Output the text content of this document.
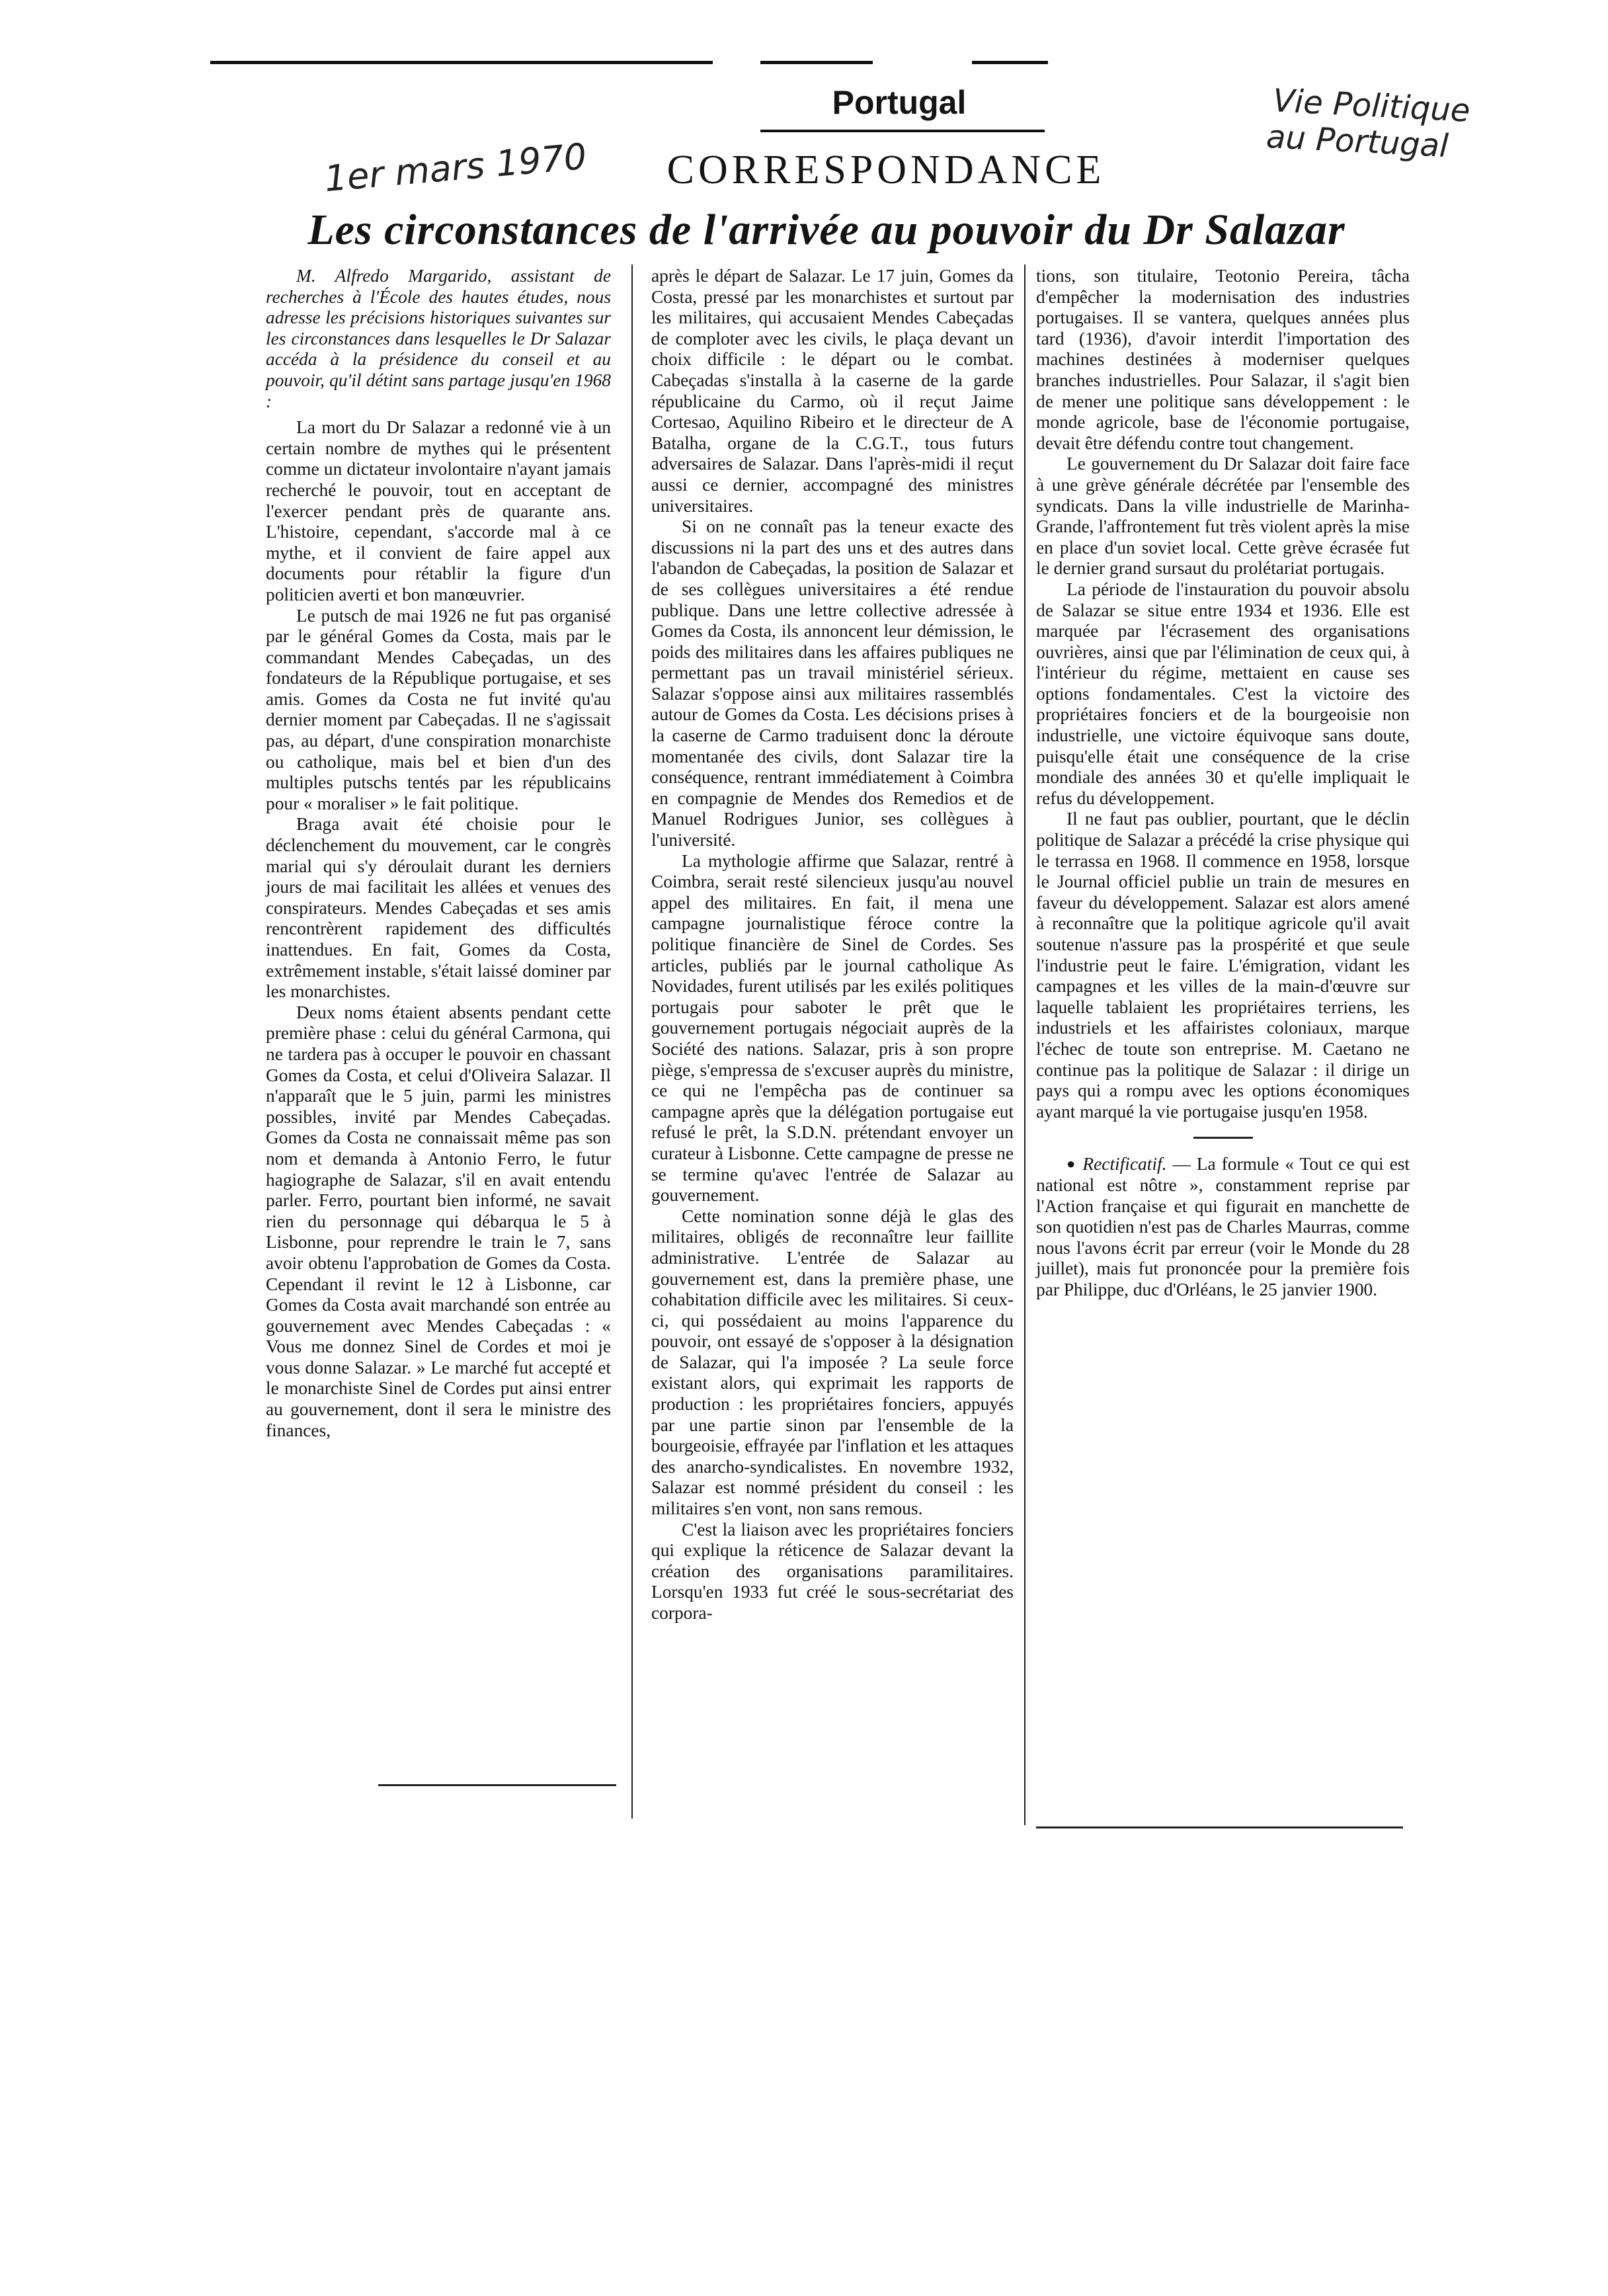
1er mars 1970
Vie Politique
au Portugal
Portugal
CORRESPONDANCE
Les circonstances de l'arrivée au pouvoir du Dr Salazar

M. Alfredo Margarido, assistant de recherches à l'École des hautes études, nous adresse les précisions historiques suivantes sur les circonstances dans lesquelles le Dr Salazar accéda à la présidence du conseil et au pouvoir, qu'il détint sans partage jusqu'en 1968 :

La mort du Dr Salazar a redonné vie à un certain nombre de mythes qui le présentent comme un dictateur involontaire n'ayant jamais recherché le pouvoir, tout en acceptant de l'exercer pendant près de quarante ans. L'histoire, cependant, s'accorde mal à ce mythe, et il convient de faire appel aux documents pour rétablir la figure d'un politicien averti et bon manœuvrier.

Le putsch de mai 1926 ne fut pas organisé par le général Gomes da Costa, mais par le commandant Mendes Cabeçadas, un des fondateurs de la République portugaise, et ses amis. Gomes da Costa ne fut invité qu'au dernier moment par Cabeçadas. Il ne s'agissait pas, au départ, d'une conspiration monarchiste ou catholique, mais bel et bien d'un des multiples putschs tentés par les républicains pour « moraliser » le fait politique.

Braga avait été choisie pour le déclenchement du mouvement, car le congrès marial qui s'y déroulait durant les derniers jours de mai facilitait les allées et venues des conspirateurs. Mendes Cabeçadas et ses amis rencontrèrent rapidement des difficultés inattendues. En fait, Gomes da Costa, extrêmement instable, s'était laissé dominer par les monarchistes.

Deux noms étaient absents pendant cette première phase : celui du général Carmona, qui ne tardera pas à occuper le pouvoir en chassant Gomes da Costa, et celui d'Oliveira Salazar. Il n'apparaît que le 5 juin, parmi les ministres possibles, invité par Mendes Cabeçadas. Gomes da Costa ne connaissait même pas son nom et demanda à Antonio Ferro, le futur hagiographe de Salazar, s'il en avait entendu parler. Ferro, pourtant bien informé, ne savait rien du personnage qui débarqua le 5 à Lisbonne, pour reprendre le train le 7, sans avoir obtenu l'approbation de Gomes da Costa. Cependant il revint le 12 à Lisbonne, car Gomes da Costa avait marchandé son entrée au gouvernement avec Mendes Cabeçadas : « Vous me donnez Sinel de Cordes et moi je vous donne Salazar. » Le marché fut accepté et le monarchiste Sinel de Cordes put ainsi entrer au gouvernement, dont il sera le ministre des finances,

après le départ de Salazar. Le 17 juin, Gomes da Costa, pressé par les monarchistes et surtout par les militaires, qui accusaient Mendes Cabeçadas de comploter avec les civils, le plaça devant un choix difficile : le départ ou le combat. Cabeçadas s'installa à la caserne de la garde républicaine du Carmo, où il reçut Jaime Cortesao, Aquilino Ribeiro et le directeur de A Batalha, organe de la C.G.T., tous futurs adversaires de Salazar. Dans l'après-midi il reçut aussi ce dernier, accompagné des ministres universitaires.

Si on ne connaît pas la teneur exacte des discussions ni la part des uns et des autres dans l'abandon de Cabeçadas, la position de Salazar et de ses collègues universitaires a été rendue publique. Dans une lettre collective adressée à Gomes da Costa, ils annoncent leur démission, le poids des militaires dans les affaires publiques ne permettant pas un travail ministériel sérieux. Salazar s'oppose ainsi aux militaires rassemblés autour de Gomes da Costa. Les décisions prises à la caserne de Carmo traduisent donc la déroute momentanée des civils, dont Salazar tire la conséquence, rentrant immédiatement à Coimbra en compagnie de Mendes dos Remedios et de Manuel Rodrigues Junior, ses collègues à l'université.

La mythologie affirme que Salazar, rentré à Coimbra, serait resté silencieux jusqu'au nouvel appel des militaires. En fait, il mena une campagne journalistique féroce contre la politique financière de Sinel de Cordes. Ses articles, publiés par le journal catholique As Novidades, furent utilisés par les exilés politiques portugais pour saboter le prêt que le gouvernement portugais négociait auprès de la Société des nations. Salazar, pris à son propre piège, s'empressa de s'excuser auprès du ministre, ce qui ne l'empêcha pas de continuer sa campagne après que la délégation portugaise eut refusé le prêt, la S.D.N. prétendant envoyer un curateur à Lisbonne. Cette campagne de presse ne se termine qu'avec l'entrée de Salazar au gouvernement.

Cette nomination sonne déjà le glas des militaires, obligés de reconnaître leur faillite administrative. L'entrée de Salazar au gouvernement est, dans la première phase, une cohabitation difficile avec les militaires. Si ceux-ci, qui possédaient au moins l'apparence du pouvoir, ont essayé de s'opposer à la désignation de Salazar, qui l'a imposée ? La seule force existant alors, qui exprimait les rapports de production : les propriétaires fonciers, appuyés par une partie sinon par l'ensemble de la bourgeoisie, effrayée par l'inflation et les attaques des anarcho-syndicalistes. En novembre 1932, Salazar est nommé président du conseil : les militaires s'en vont, non sans remous.

C'est la liaison avec les propriétaires fonciers qui explique la réticence de Salazar devant la création des organisations paramilitaires. Lorsqu'en 1933 fut créé le sous-secrétariat des corpora-

tions, son titulaire, Teotonio Pereira, tâcha d'empêcher la modernisation des industries portugaises. Il se vantera, quelques années plus tard (1936), d'avoir interdit l'importation des machines destinées à moderniser quelques branches industrielles. Pour Salazar, il s'agit bien de mener une politique sans développement : le monde agricole, base de l'économie portugaise, devait être défendu contre tout changement.

Le gouvernement du Dr Salazar doit faire face à une grève générale décrétée par l'ensemble des syndicats. Dans la ville industrielle de Marinha-Grande, l'affrontement fut très violent après la mise en place d'un soviet local. Cette grève écrasée fut le dernier grand sursaut du prolétariat portugais.

La période de l'instauration du pouvoir absolu de Salazar se situe entre 1934 et 1936. Elle est marquée par l'écrasement des organisations ouvrières, ainsi que par l'élimination de ceux qui, à l'intérieur du régime, mettaient en cause ses options fondamentales. C'est la victoire des propriétaires fonciers et de la bourgeoisie non industrielle, une victoire équivoque sans doute, puisqu'elle était une conséquence de la crise mondiale des années 30 et qu'elle impliquait le refus du développement.

Il ne faut pas oublier, pourtant, que le déclin politique de Salazar a précédé la crise physique qui le terrassa en 1968. Il commence en 1958, lorsque le Journal officiel publie un train de mesures en faveur du développement. Salazar est alors amené à reconnaître que la politique agricole qu'il avait soutenue n'assure pas la prospérité et que seule l'industrie peut le faire. L'émigration, vidant les campagnes et les villes de la main-d'œuvre sur laquelle tablaient les propriétaires terriens, les industriels et les affairistes coloniaux, marque l'échec de toute son entreprise. M. Caetano ne continue pas la politique de Salazar : il dirige un pays qui a rompu avec les options économiques ayant marqué la vie portugaise jusqu'en 1958.

● Rectificatif. — La formule « Tout ce qui est national est nôtre », constamment reprise par l'Action française et qui figurait en manchette de son quotidien n'est pas de Charles Maurras, comme nous l'avons écrit par erreur (voir le Monde du 28 juillet), mais fut prononcée pour la première fois par Philippe, duc d'Orléans, le 25 janvier 1900.
